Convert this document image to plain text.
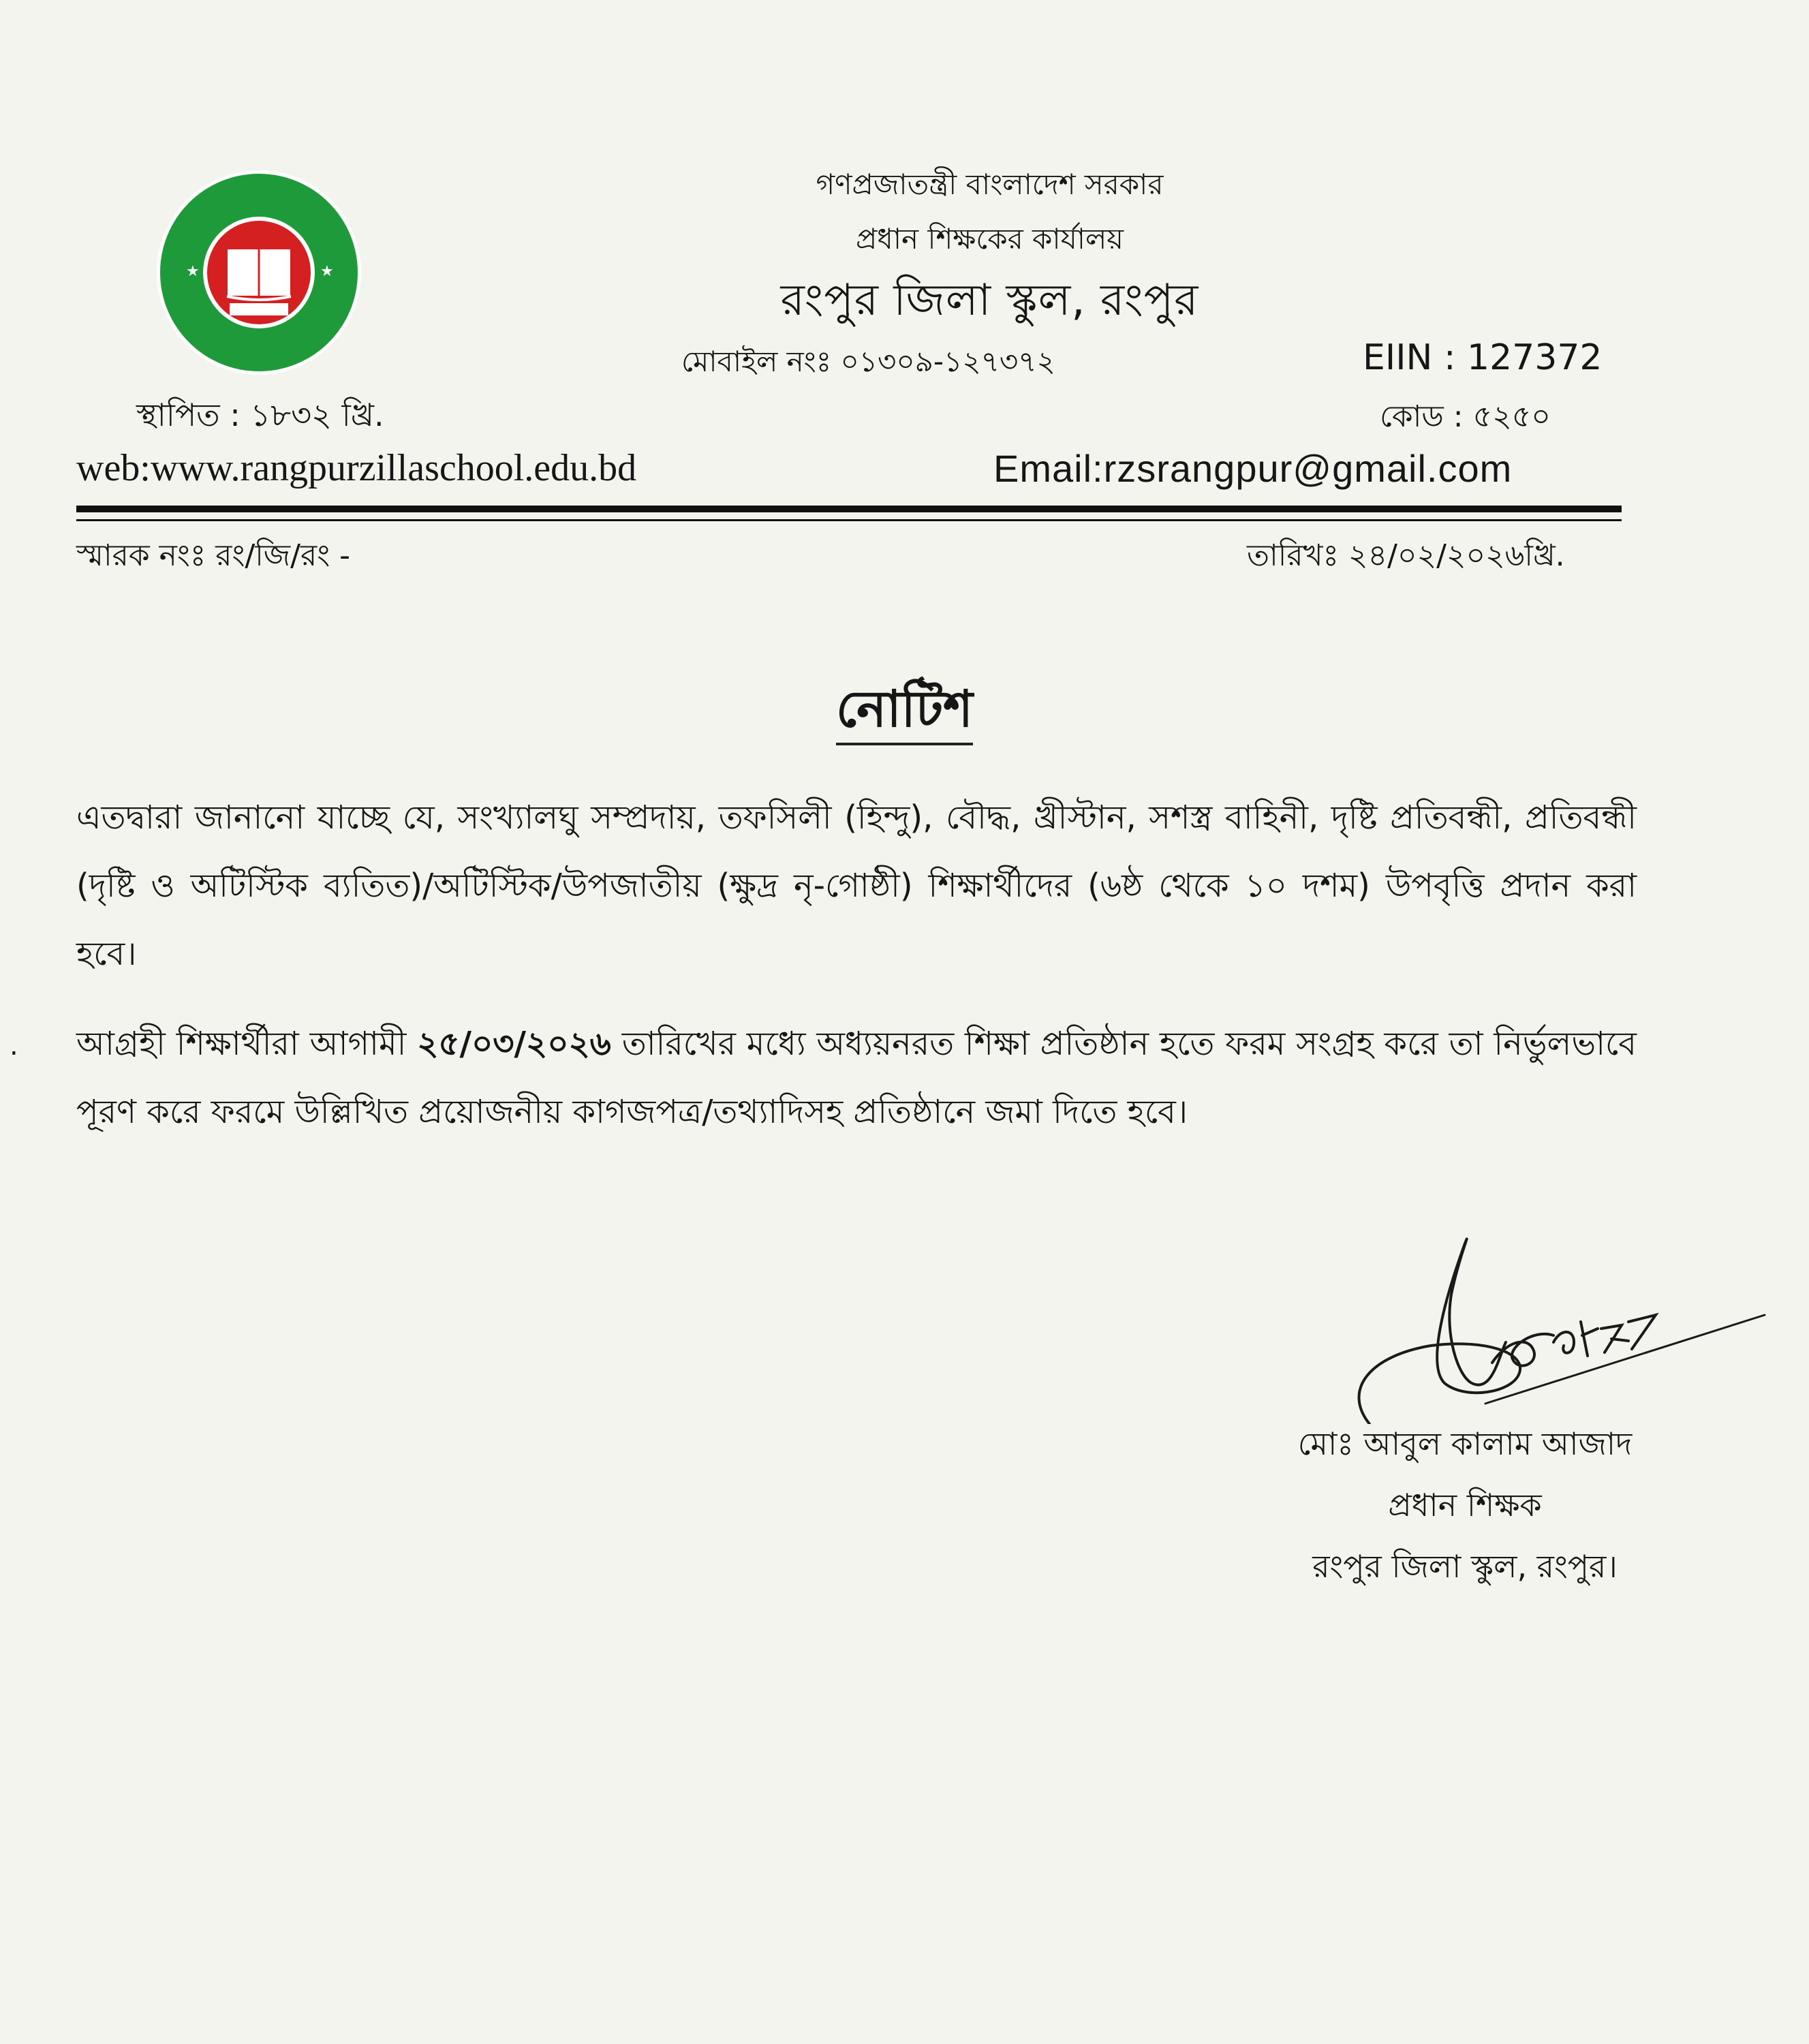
★	★
গণপ্রজাতন্ত্রী বাংলাদেশ সরকার
প্রধান শিক্ষকের কার্যালয়
রংপুর জিলা স্কুল, রংপুর
মোবাইল নংঃ ০১৩০৯-১২৭৩৭২	EIIN : 127372
কোড : ৫২৫০
স্থাপিত : ১৮৩২ খ্রি.
web:www.rangpurzillaschool.edu.bd	Email:rzsrangpur@gmail.com
স্মারক নংঃ রং/জি/রং -	তারিখঃ ২৪/০২/২০২৬খ্রি.
নোটিশ
.
এতদ্বারা জানানো যাচ্ছে যে, সংখ্যালঘু সম্প্রদায়, তফসিলী (হিন্দু), বৌদ্ধ, খ্রীস্টান, সশস্ত্র বাহিনী, দৃষ্টি প্রতিবন্ধী, প্রতিবন্ধী (দৃষ্টি ও অটিস্টিক ব্যতিত)/অটিস্টিক/উপজাতীয় (ক্ষুদ্র নৃ-গোষ্ঠী) শিক্ষার্থীদের (৬ষ্ঠ থেকে ১০ দশম) উপবৃত্তি প্রদান করা হবে।
আগ্রহী শিক্ষার্থীরা আগামী ২৫/০৩/২০২৬ তারিখের মধ্যে অধ্যয়নরত শিক্ষা প্রতিষ্ঠান হতে ফরম সংগ্রহ করে তা নির্ভুলভাবে পূরণ করে ফরমে উল্লিখিত প্রয়োজনীয় কাগজপত্র/তথ্যাদিসহ প্রতিষ্ঠানে জমা দিতে হবে।
মোঃ আবুল কালাম আজাদ
প্রধান শিক্ষক
রংপুর জিলা স্কুল, রংপুর।
